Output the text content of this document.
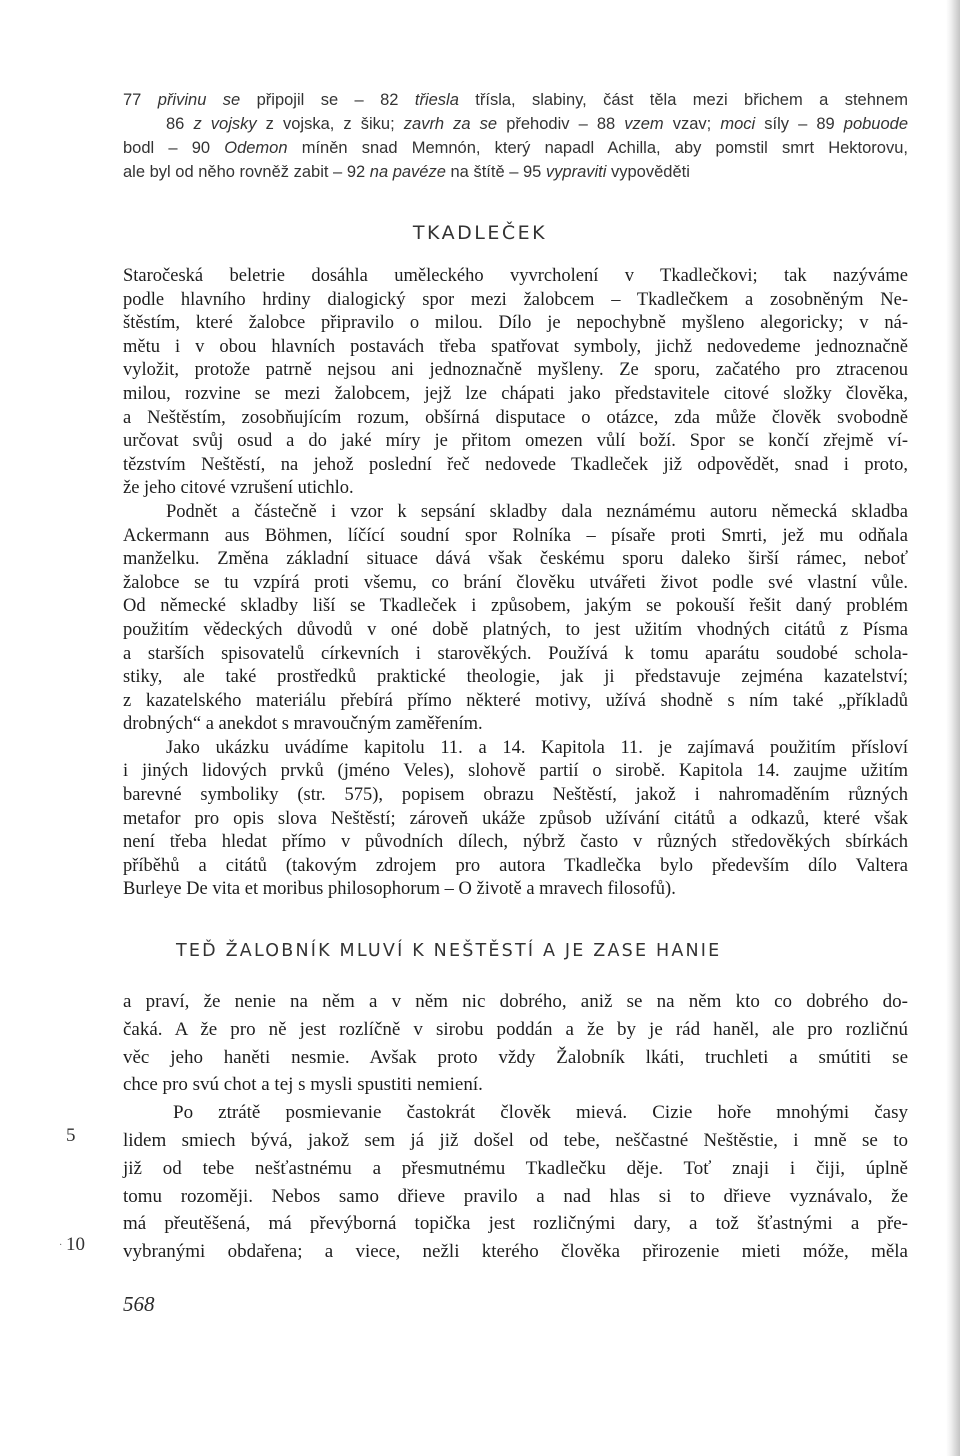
77 přivinu se připojil se – 82 třiesla třísla, slabiny, část těla mezi břichem a stehnem
86 z vojsky z vojska, z šiku; zavrh za se přehodiv – 88 vzem vzav; moci síly – 89 pobuode
bodl – 90 Odemon míněn snad Memnón, který napadl Achilla, aby pomstil smrt Hektorovu,
ale byl od něho rovněž zabit – 92 na pavéze na štítě – 95 vypraviti vypověděti
TKADLEČEK
Staročeská beletrie dosáhla uměleckého vyvrcholení v Tkadlečkovi; tak nazýváme
podle hlavního hrdiny dialogický spor mezi žalobcem – Tkadlečkem a zosobněným Ne-
štěstím, které žalobce připravilo o milou. Dílo je nepochybně myšleno alegoricky; v ná-
mětu i v obou hlavních postavách třeba spatřovat symboly, jichž nedovedeme jednoznačně
vyložit, protože patrně nejsou ani jednoznačně myšleny. Ze sporu, začatého pro ztracenou
milou, rozvine se mezi žalobcem, jejž lze chápati jako představitele citové složky člověka,
a Neštěstím, zosobňujícím rozum, obšírná disputace o otázce, zda může člověk svobodně
určovat svůj osud a do jaké míry je přitom omezen vůlí boží. Spor se končí zřejmě ví-
tězstvím Neštěstí, na jehož poslední řeč nedovede Tkadleček již odpovědět, snad i proto,
že jeho citové vzrušení utichlo.
Podnět a částečně i vzor k sepsání skladby dala neznámému autoru německá skladba
Ackermann aus Böhmen, líčící soudní spor Rolníka – písaře proti Smrti, jež mu odňala
manželku. Změna základní situace dává však českému sporu daleko širší rámec, neboť
žalobce se tu vzpírá proti všemu, co brání člověku utvářeti život podle své vlastní vůle.
Od německé skladby liší se Tkadleček i způsobem, jakým se pokouší řešit daný problém
použitím vědeckých důvodů v oné době platných, to jest užitím vhodných citátů z Písma
a starších spisovatelů církevních i starověkých. Používá k tomu aparátu soudobé schola-
stiky, ale také prostředků praktické theologie, jak ji představuje zejména kazatelství;
z kazatelského materiálu přebírá přímo některé motivy, užívá shodně s ním také „příkladů
drobných“ a anekdot s mravoučným zaměřením.
Jako ukázku uvádíme kapitolu 11. a 14. Kapitola 11. je zajímavá použitím přísloví
i jiných lidových prvků (jméno Veles), slohově partií o sirobě. Kapitola 14. zaujme užitím
barevné symboliky (str. 575), popisem obrazu Neštěstí, jakož i nahromaděním různých
metafor pro opis slova Neštěstí; zároveň ukáže způsob užívání citátů a odkazů, které však
není třeba hledat přímo v původních dílech, nýbrž často v různých středověkých sbírkách
příběhů a citátů (takovým zdrojem pro autora Tkadlečka bylo především dílo Valtera
Burleye De vita et moribus philosophorum – O životě a mravech filosofů).
TEĎ ŽALOBNÍK MLUVÍ K NEŠTĚSTÍ A JE ZASE HANIE
a praví, že nenie na něm a v něm nic dobrého, aniž se na něm kto co dobrého do-
čaká. A že pro ně jest rozlíčně v sirobu poddán a že by je rád haněl, ale pro rozličnú
věc jeho haněti nesmie. Avšak proto vždy Žalobník lkáti, truchleti a smútiti se
chce pro svú chot a tej s mysli spustiti nemiení.
Po ztrátě posmievanie častokrát člověk mievá. Cizie hoře mnohými časy
lidem smiech bývá, jakož sem já již došel od tebe, neščastné Neštěstie, i mně se to
již od tebe nešťastnému a přesmutnému Tkadlečku děje. Toť znaji i čiji, úplně
tomu rozoměji. Nebos samo dřieve pravilo a nad hlas si to dřieve vyznávalo, že
má přeutěšená, má převýborná topička jest rozličnými dary, a tož šťastnými a pře-
vybranými obdařena; a viece, nežli kterého člověka přirozenie mieti móže, měla
5
· 10
568
